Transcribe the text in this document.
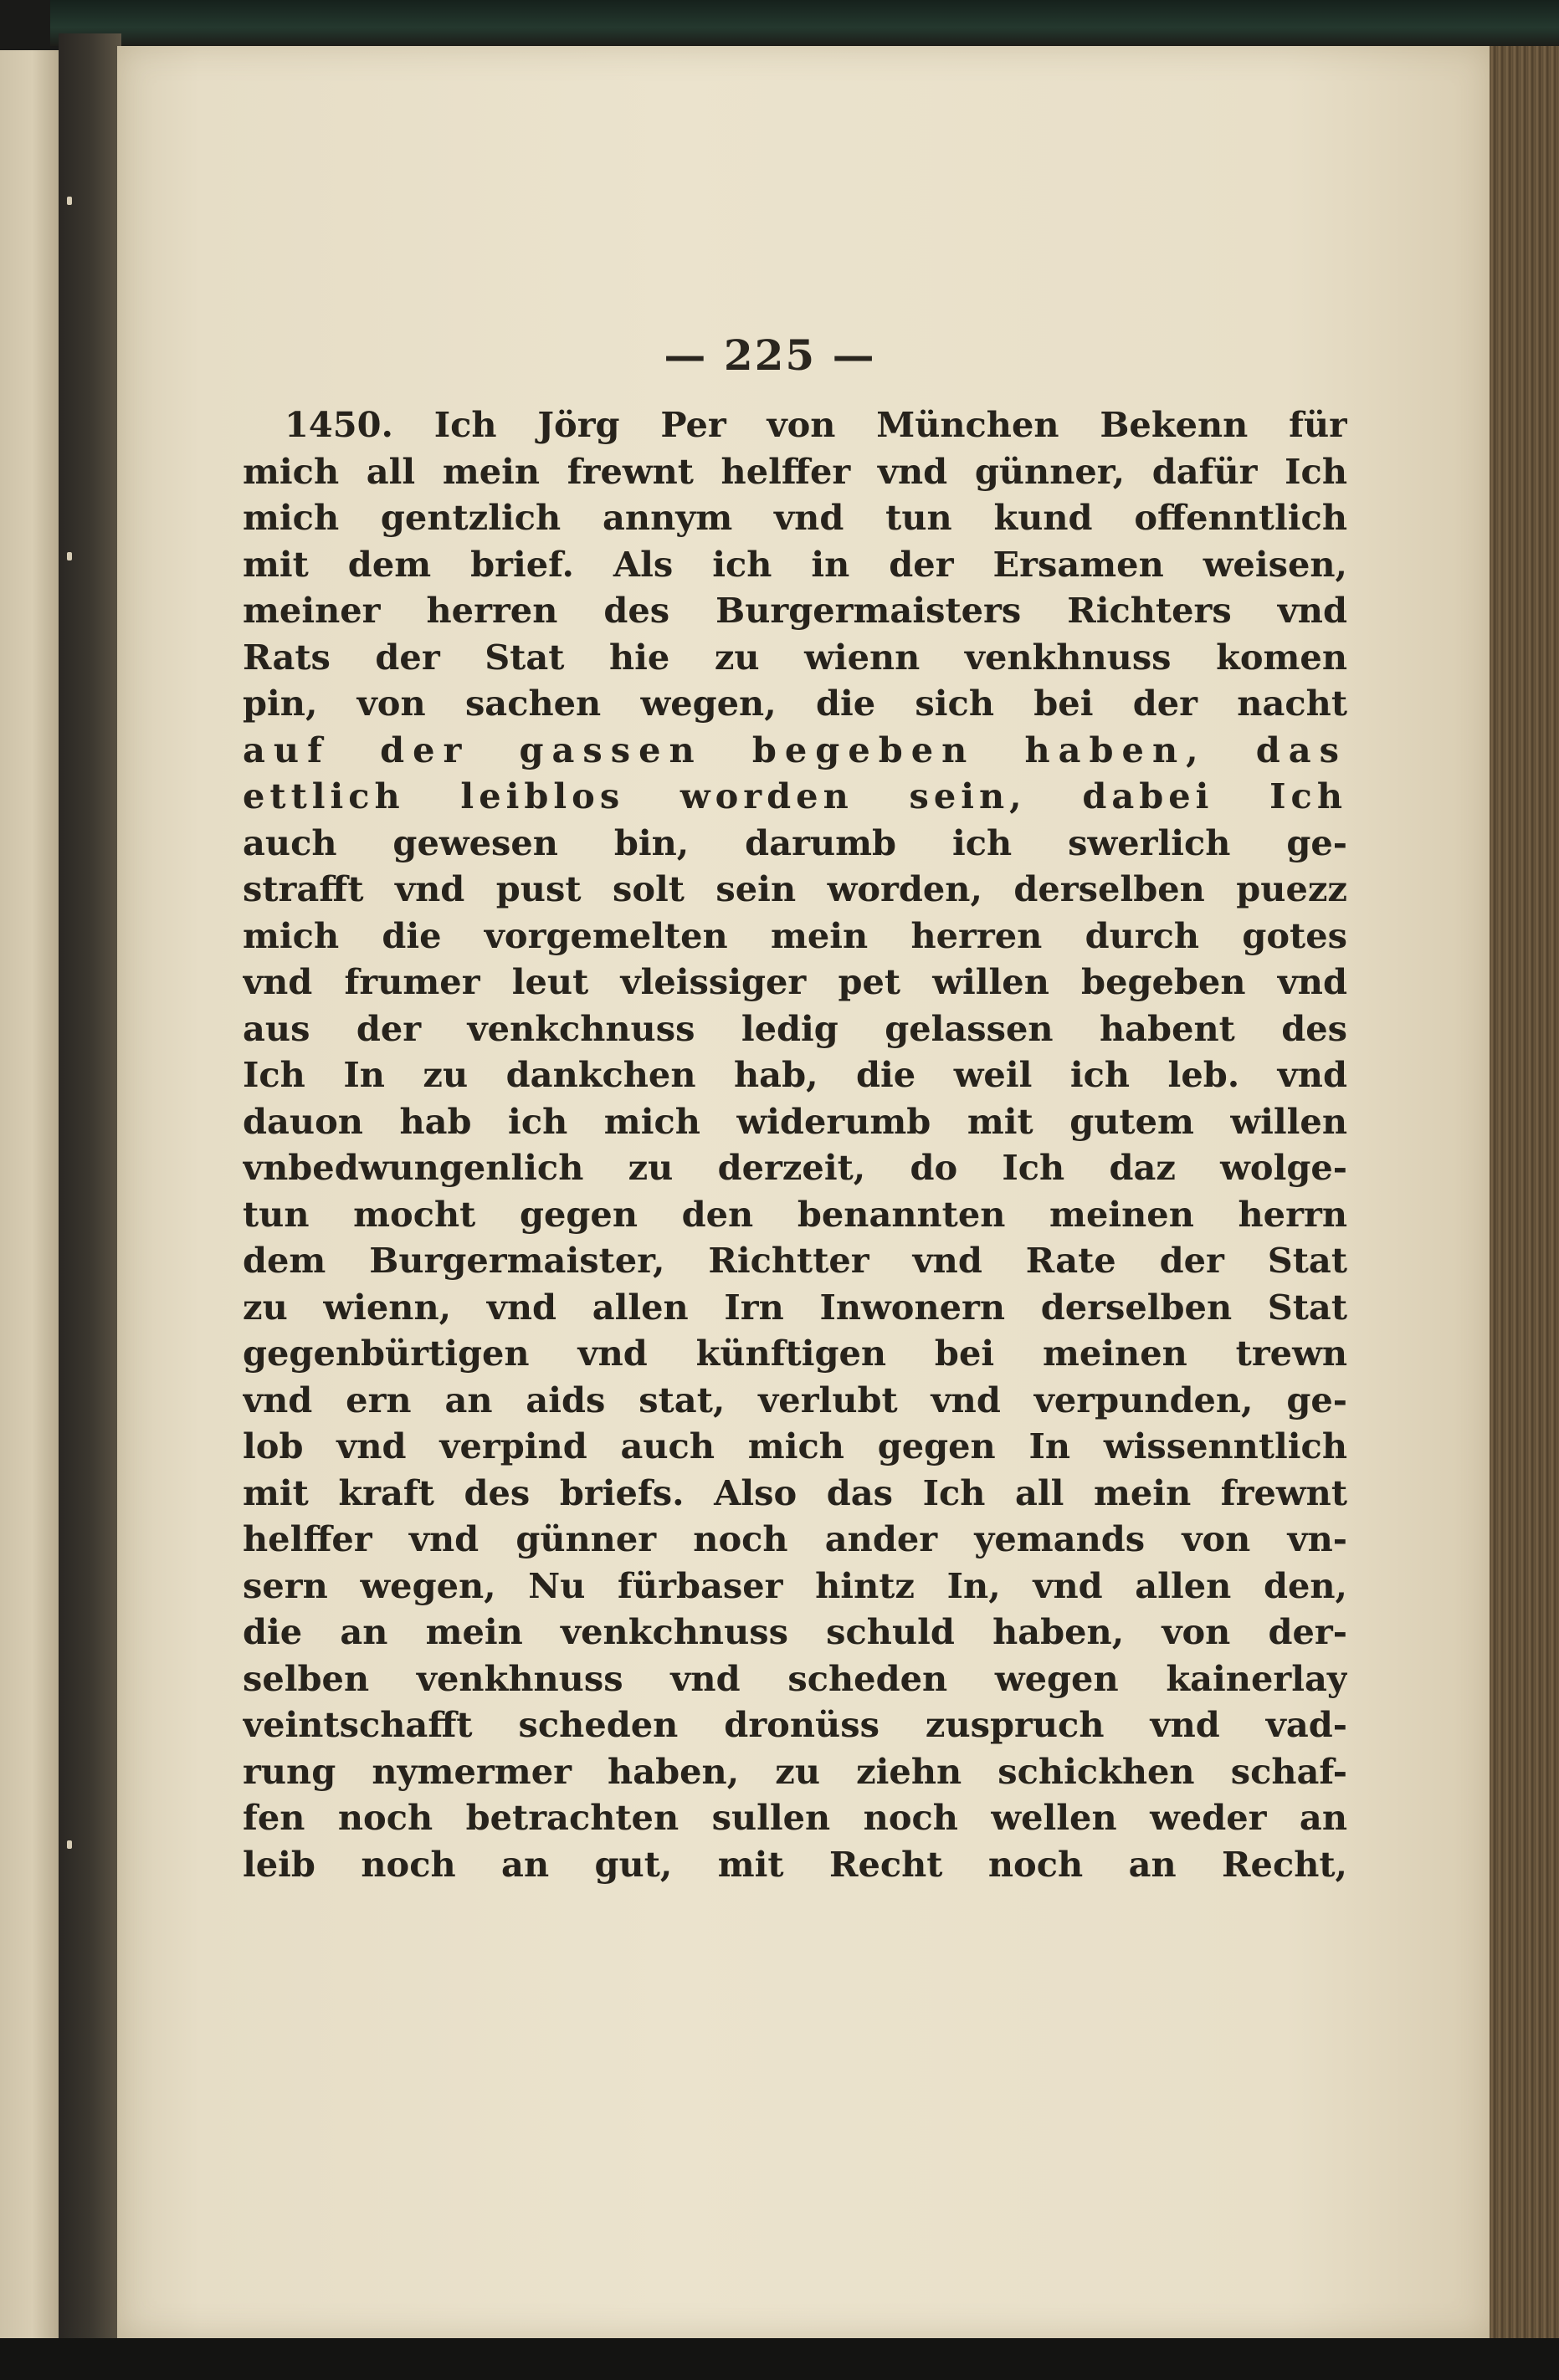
— 225 —
1450. Ich Jörg Per von München Bekenn für
mich all mein frewnt helffer vnd günner, dafür Ich
mich gentzlich annym vnd tun kund offenntlich
mit dem brief. Als ich in der Ersamen weisen,
meiner herren des Burgermaisters Richters vnd
Rats der Stat hie zu wienn venkhnuss komen
pin, von sachen wegen, die sich bei der nacht
auf der gassen begeben haben, das
ettlich leiblos worden sein, dabei Ich
auch gewesen bin, darumb ich swerlich ge-
strafft vnd pust solt sein worden, derselben puezz
mich die vorgemelten mein herren durch gotes
vnd frumer leut vleissiger pet willen begeben vnd
aus der venkchnuss ledig gelassen habent des
Ich In zu dankchen hab, die weil ich leb. vnd
dauon hab ich mich widerumb mit gutem willen
vnbedwungenlich zu derzeit, do Ich daz wolge-
tun mocht gegen den benannten meinen herrn
dem Burgermaister, Richtter vnd Rate der Stat
zu wienn, vnd allen Irn Inwonern derselben Stat
gegenbürtigen vnd künftigen bei meinen trewn
vnd ern an aids stat, verlubt vnd verpunden, ge-
lob vnd verpind auch mich gegen In wissenntlich
mit kraft des briefs. Also das Ich all mein frewnt
helffer vnd günner noch ander yemands von vn-
sern wegen, Nu fürbaser hintz In, vnd allen den,
die an mein venkchnuss schuld haben, von der-
selben venkhnuss vnd scheden wegen kainerlay
veintschafft scheden dronüss zuspruch vnd vad-
rung nymermer haben, zu ziehn schickhen schaf-
fen noch betrachten sullen noch wellen weder an
leib noch an gut, mit Recht noch an Recht,
